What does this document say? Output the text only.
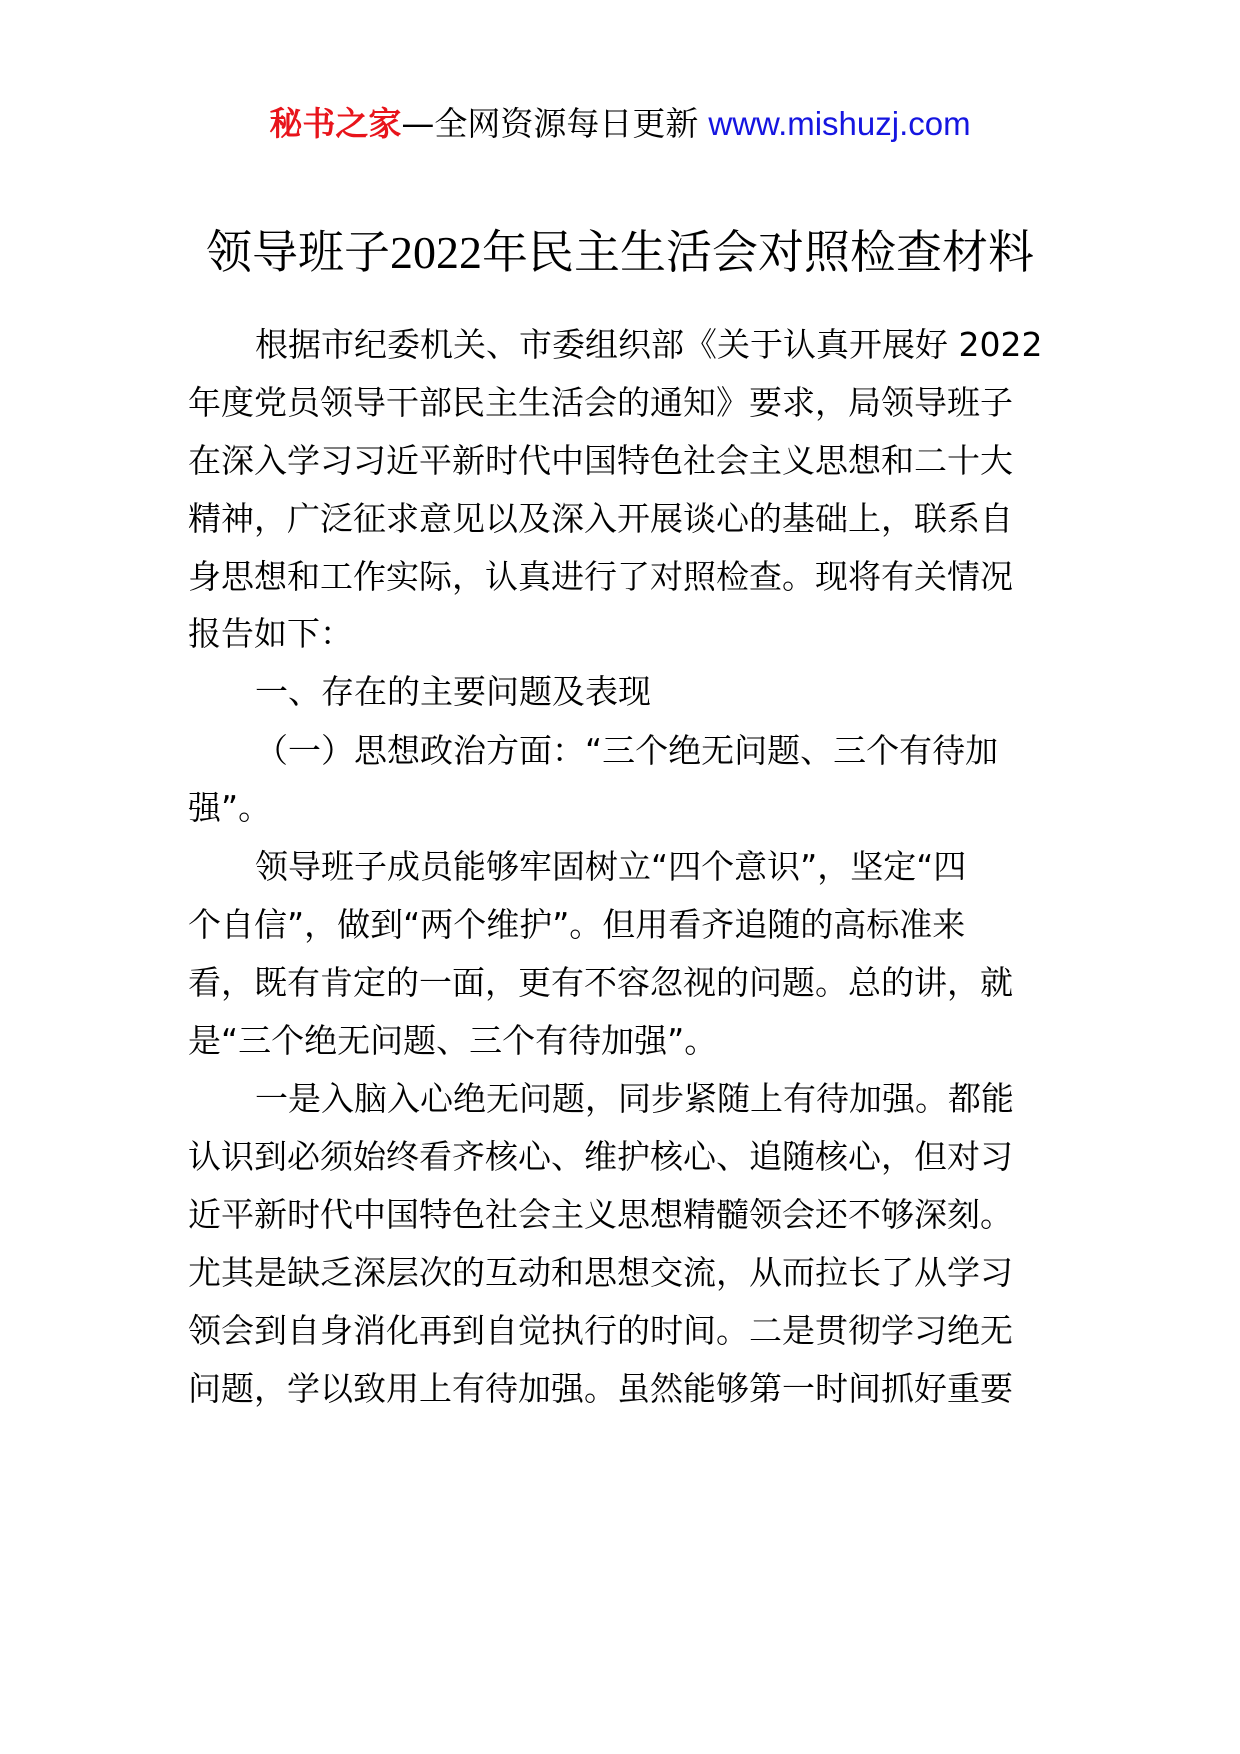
秘书之家—全网资源每日更新 www.mishuzj.com
领导班子2022年民主生活会对照检查材料
根据市纪委机关、市委组织部《关于认真开展好 2022
年度党员领导干部民主生活会的通知》要求，局领导班子
在深入学习习近平新时代中国特色社会主义思想和二十大
精神，广泛征求意见以及深入开展谈心的基础上，联系自
身思想和工作实际，认真进行了对照检查。现将有关情况
报告如下：
一、存在的主要问题及表现
（一）思想政治方面：“三个绝无问题、三个有待加
强”。
领导班子成员能够牢固树立“四个意识”，坚定“四
个自信”，做到“两个维护”。但用看齐追随的高标准来
看，既有肯定的一面，更有不容忽视的问题。总的讲，就
是“三个绝无问题、三个有待加强”。
一是入脑入心绝无问题，同步紧随上有待加强。都能
认识到必须始终看齐核心、维护核心、追随核心，但对习
近平新时代中国特色社会主义思想精髓领会还不够深刻。
尤其是缺乏深层次的互动和思想交流，从而拉长了从学习
领会到自身消化再到自觉执行的时间。二是贯彻学习绝无
问题，学以致用上有待加强。虽然能够第一时间抓好重要
